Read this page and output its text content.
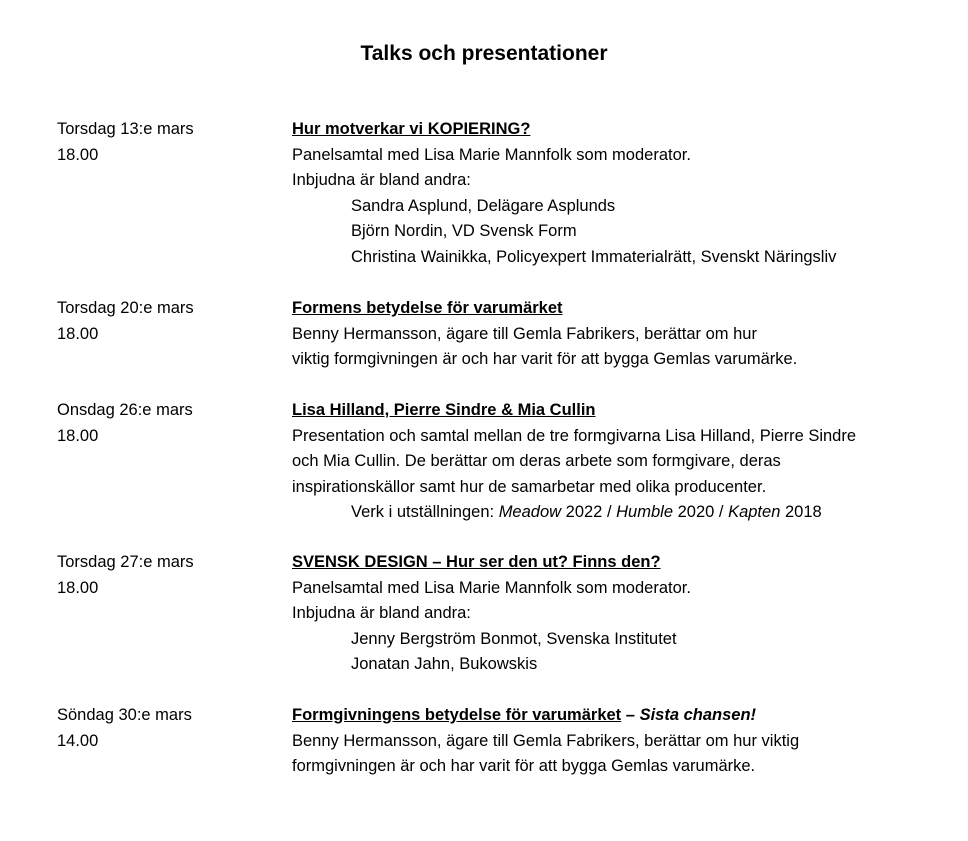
Talks och presentationer
Torsdag 13:e mars
18.00
Hur motverkar vi KOPIERING?
Panelsamtal med Lisa Marie Mannfolk som moderator.
Inbjudna är bland andra:
Sandra Asplund, Delägare Asplunds
Björn Nordin, VD Svensk Form
Christina Wainikka, Policyexpert Immaterialrätt, Svenskt Näringsliv
Torsdag 20:e mars
18.00
Formens betydelse för varumärket
Benny Hermansson, ägare till Gemla Fabrikers, berättar om hur
viktig formgivningen är och har varit för att bygga Gemlas varumärke.
Onsdag 26:e mars
18.00
Lisa Hilland, Pierre Sindre & Mia Cullin
Presentation och samtal mellan de tre formgivarna Lisa Hilland, Pierre Sindre
och Mia Cullin. De berättar om deras arbete som formgivare, deras
inspirationskällor samt hur de samarbetar med olika producenter.
Verk i utställningen: Meadow 2022 / Humble 2020 / Kapten 2018
Torsdag 27:e mars
18.00
SVENSK DESIGN – Hur ser den ut? Finns den?
Panelsamtal med Lisa Marie Mannfolk som moderator.
Inbjudna är bland andra:
Jenny Bergström Bonmot, Svenska Institutet
Jonatan Jahn, Bukowskis
Söndag 30:e mars
14.00
Formgivningens betydelse för varumärket – Sista chansen!
Benny Hermansson, ägare till Gemla Fabrikers, berättar om hur viktig
formgivningen är och har varit för att bygga Gemlas varumärke.
